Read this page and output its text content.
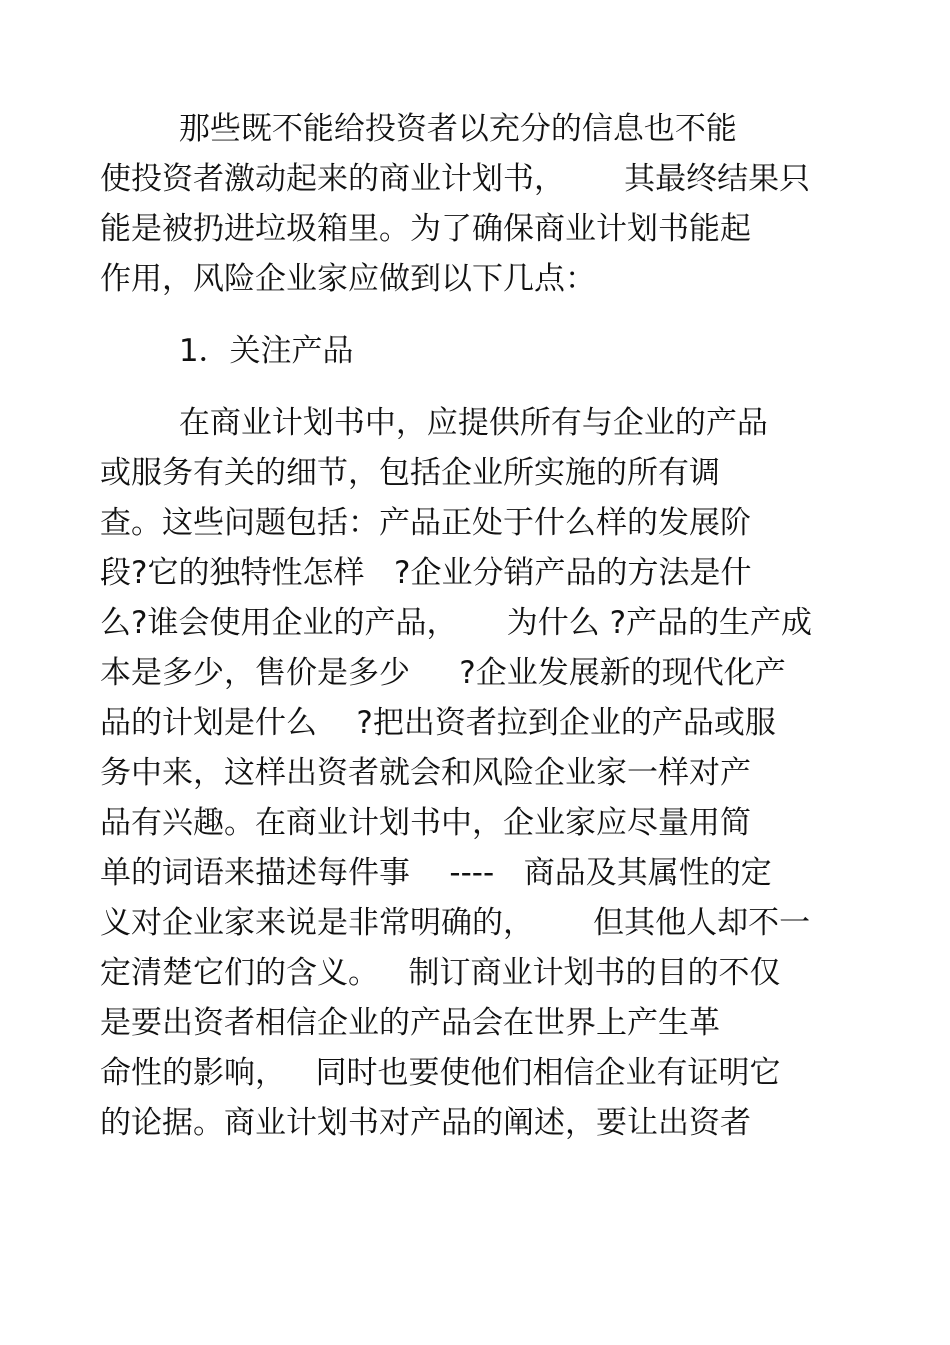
那些既不能给投资者以充分的信息也不能
使投资者激动起来的商业计划书，      其最终结果只
能是被扔进垃圾箱里。为了确保商业计划书能起
作用，风险企业家应做到以下几点：
1．关注产品
在商业计划书中，应提供所有与企业的产品
或服务有关的细节，包括企业所实施的所有调
查。这些问题包括：产品正处于什么样的发展阶
段?它的独特性怎样   ?企业分销产品的方法是什
么?谁会使用企业的产品，     为什么 ?产品的生产成
本是多少，售价是多少     ?企业发展新的现代化产
品的计划是什么    ?把出资者拉到企业的产品或服
务中来，这样出资者就会和风险企业家一样对产
品有兴趣。在商业计划书中，企业家应尽量用简
单的词语来描述每件事    ----   商品及其属性的定
义对企业家来说是非常明确的，      但其他人却不一
定清楚它们的含义。   制订商业计划书的目的不仅
是要出资者相信企业的产品会在世界上产生革
命性的影响，   同时也要使他们相信企业有证明它
的论据。商业计划书对产品的阐述，要让出资者
